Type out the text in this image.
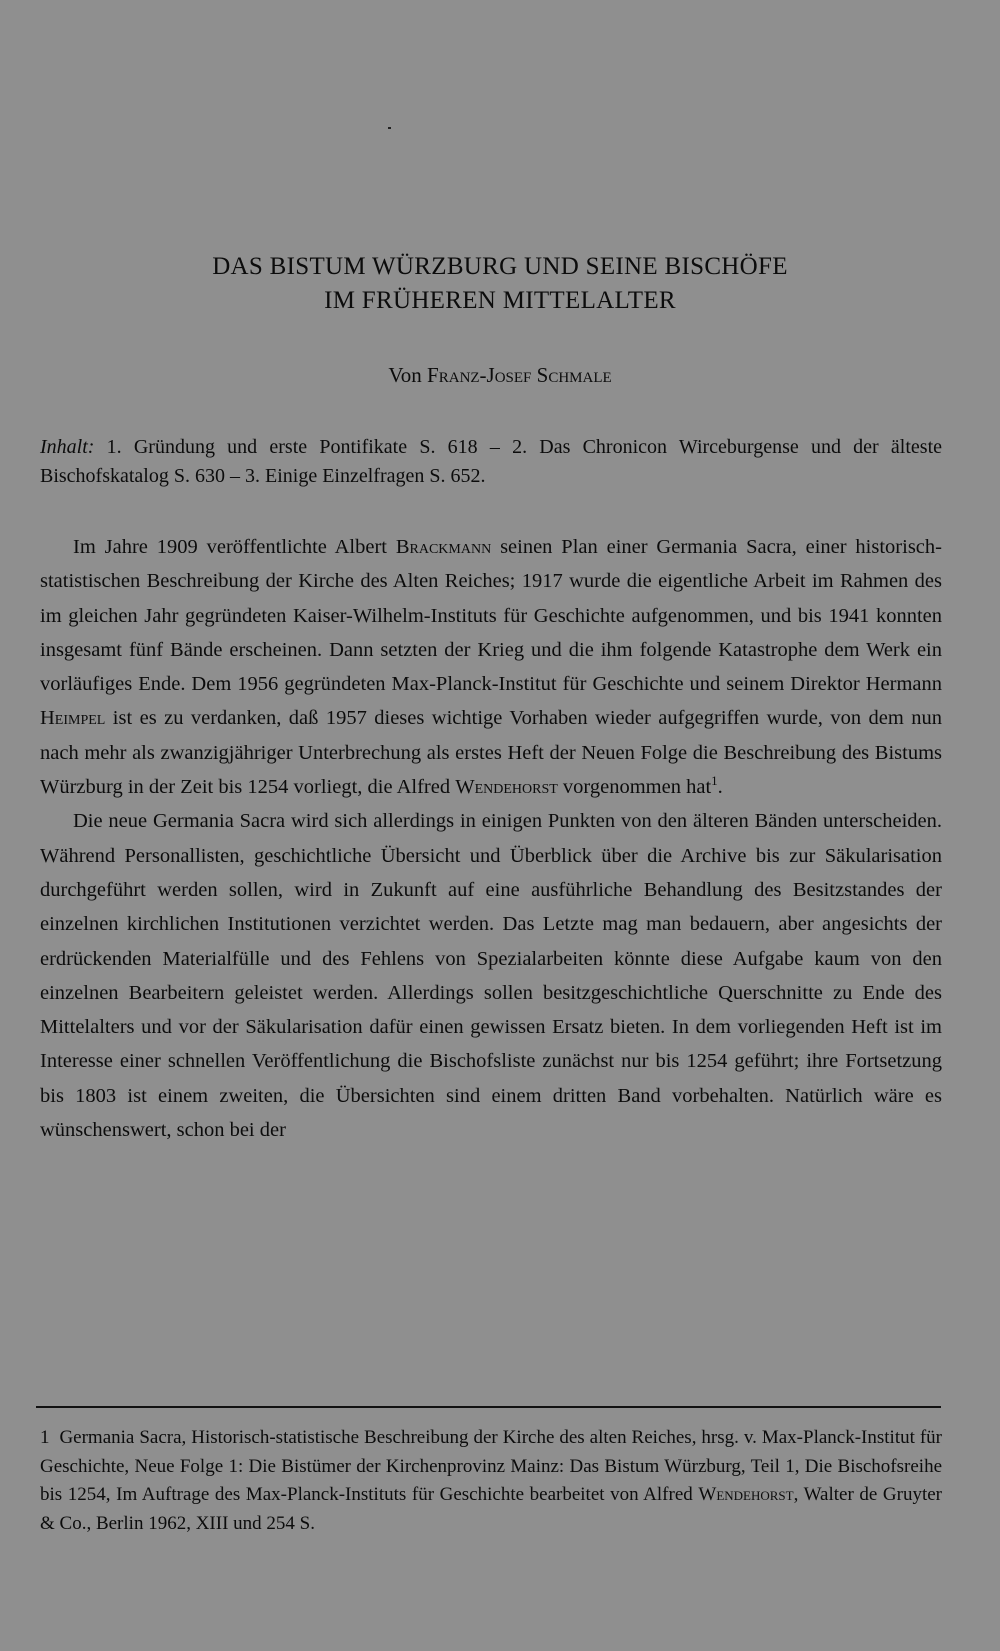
DAS BISTUM WÜRZBURG UND SEINE BISCHÖFE
IM FRÜHEREN MITTELALTER

Von Franz-Josef Schmale

Inhalt: 1. Gründung und erste Pontifikate S. 618 – 2. Das Chronicon Wirceburgense und der älteste Bischofskatalog S. 630 – 3. Einige Einzelfragen S. 652.

Im Jahre 1909 veröffentlichte Albert Brackmann seinen Plan einer Germania Sacra, einer historisch-statistischen Beschreibung der Kirche des Alten Reiches; 1917 wurde die eigentliche Arbeit im Rahmen des im gleichen Jahr gegründeten Kaiser-Wilhelm-Instituts für Geschichte aufgenommen, und bis 1941 konnten insgesamt fünf Bände erscheinen. Dann setzten der Krieg und die ihm folgende Katastrophe dem Werk ein vorläufiges Ende. Dem 1956 gegründeten Max-Planck-Institut für Geschichte und seinem Direktor Hermann Heimpel ist es zu verdanken, daß 1957 dieses wichtige Vorhaben wieder aufgegriffen wurde, von dem nun nach mehr als zwanzigjähriger Unterbrechung als erstes Heft der Neuen Folge die Beschreibung des Bistums Würzburg in der Zeit bis 1254 vorliegt, die Alfred Wendehorst vorgenommen hat$^1$.

Die neue Germania Sacra wird sich allerdings in einigen Punkten von den älteren Bänden unterscheiden. Während Personallisten, geschichtliche Übersicht und Überblick über die Archive bis zur Säkularisation durchgeführt werden sollen, wird in Zukunft auf eine ausführliche Behandlung des Besitzstandes der einzelnen kirchlichen Institutionen verzichtet werden. Das Letzte mag man bedauern, aber angesichts der erdrückenden Materialfülle und des Fehlens von Spezialarbeiten könnte diese Aufgabe kaum von den einzelnen Bearbeitern geleistet werden. Allerdings sollen besitzgeschichtliche Querschnitte zu Ende des Mittelalters und vor der Säkularisation dafür einen gewissen Ersatz bieten. In dem vorliegenden Heft ist im Interesse einer schnellen Veröffentlichung die Bischofsliste zunächst nur bis 1254 geführt; ihre Fortsetzung bis 1803 ist einem zweiten, die Übersichten sind einem dritten Band vorbehalten. Natürlich wäre es wünschenswert, schon bei der

1 Germania Sacra, Historisch-statistische Beschreibung der Kirche des alten Reiches, hrsg. v. Max-Planck-Institut für Geschichte, Neue Folge 1: Die Bistümer der Kirchenprovinz Mainz: Das Bistum Würzburg, Teil 1, Die Bischofsreihe bis 1254, Im Auftrage des Max-Planck-Instituts für Geschichte bearbeitet von Alfred Wendehorst, Walter de Gruyter & Co., Berlin 1962, XIII und 254 S.
